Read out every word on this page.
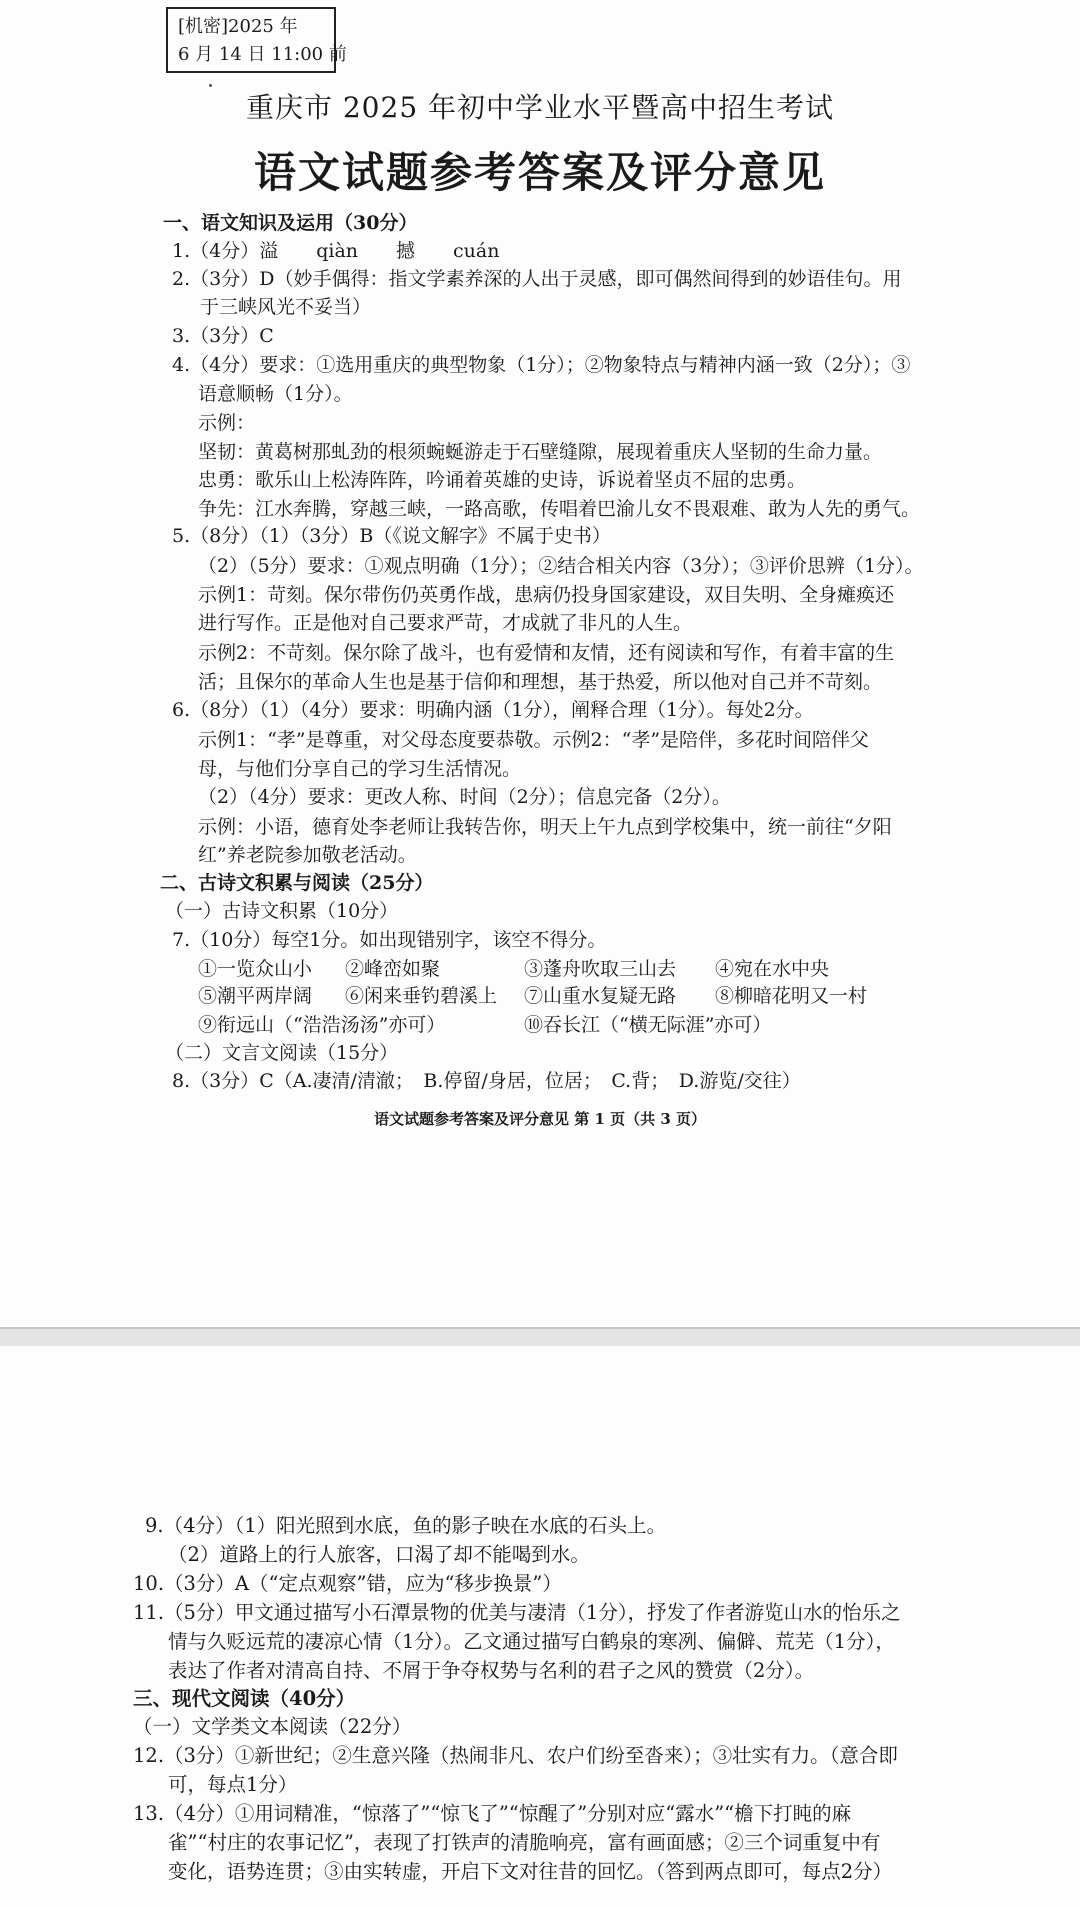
[机密]2025 年
6 月 14 日 11:00 前
重庆市 2025 年初中学业水平暨高中招生考试
语文试题参考答案及评分意见
一、语文知识及运用（30分）
1.（4分）溢　　qiàn　　撼　　cuán
2.（3分）D（妙手偶得：指文学素养深的人出于灵感，即可偶然间得到的妙语佳句。用
于三峡风光不妥当）
3.（3分）C
4.（4分）要求：①选用重庆的典型物象（1分）；②物象特点与精神内涵一致（2分）；③
语意顺畅（1分）。
示例：
坚韧：黄葛树那虬劲的根须蜿蜒游走于石壁缝隙，展现着重庆人坚韧的生命力量。
忠勇：歌乐山上松涛阵阵，吟诵着英雄的史诗，诉说着坚贞不屈的忠勇。
争先：江水奔腾，穿越三峡，一路高歌，传唱着巴渝儿女不畏艰难、敢为人先的勇气。
5.（8分）（1）（3分）B（《说文解字》不属于史书）
（2）（5分）要求：①观点明确（1分）；②结合相关内容（3分）；③评价思辨（1分）。
示例1：苛刻。保尔带伤仍英勇作战，患病仍投身国家建设，双目失明、全身瘫痪还
进行写作。正是他对自己要求严苛，才成就了非凡的人生。
示例2：不苛刻。保尔除了战斗，也有爱情和友情，还有阅读和写作，有着丰富的生
活；且保尔的革命人生也是基于信仰和理想，基于热爱，所以他对自己并不苛刻。
6.（8分）（1）（4分）要求：明确内涵（1分），阐释合理（1分）。每处2分。
示例1：“孝”是尊重，对父母态度要恭敬。示例2：“孝”是陪伴，多花时间陪伴父
母，与他们分享自己的学习生活情况。
（2）（4分）要求：更改人称、时间（2分）；信息完备（2分）。
示例：小语，德育处李老师让我转告你，明天上午九点到学校集中，统一前往“夕阳
红”养老院参加敬老活动。
二、古诗文积累与阅读（25分）
（一）古诗文积累（10分）
7.（10分）每空1分。如出现错别字，该空不得分。
①一览众山小 ②峰峦如聚	③蓬舟吹取三山去 ④宛在水中央
⑤潮平两岸阔 ⑥闲来垂钓碧溪上 ⑦山重水复疑无路 ⑧柳暗花明又一村
⑨衔远山（“浩浩汤汤”亦可）	⑩吞长江（“横无际涯”亦可）
（二）文言文阅读（15分）
8.（3分）C（A.凄清/清澈；　B.停留/身居，位居；　C.背；　D.游览/交往）
语文试题参考答案及评分意见 第 1 页（共 3 页）
9.（4分）（1）阳光照到水底，鱼的影子映在水底的石头上。
（2）道路上的行人旅客，口渴了却不能喝到水。
10.（3分）A（“定点观察”错，应为“移步换景”）
11.（5分）甲文通过描写小石潭景物的优美与凄清（1分），抒发了作者游览山水的怡乐之
情与久贬远荒的凄凉心情（1分）。乙文通过描写白鹤泉的寒冽、偏僻、荒芜（1分），
表达了作者对清高自持、不屑于争夺权势与名利的君子之风的赞赏（2分）。
三、现代文阅读（40分）
（一）文学类文本阅读（22分）
12.（3分）①新世纪；②生意兴隆（热闹非凡、农户们纷至沓来）；③壮实有力。（意合即
可，每点1分）
13.（4分）①用词精准，“惊落了”“惊飞了”“惊醒了”分别对应“露水”“檐下打盹的麻
雀”“村庄的农事记忆”，表现了打铁声的清脆响亮，富有画面感；②三个词重复中有
变化，语势连贯；③由实转虚，开启下文对往昔的回忆。（答到两点即可，每点2分）
